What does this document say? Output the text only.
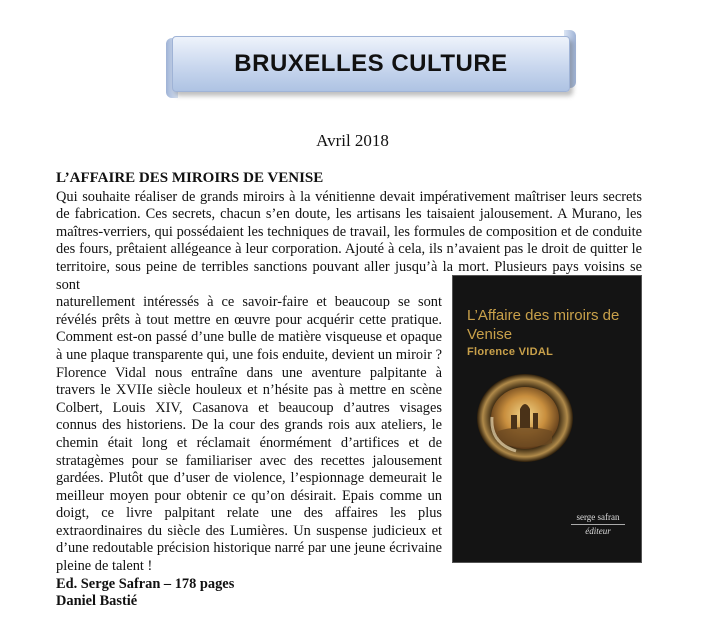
BRUXELLES CULTURE
Avril 2018

L’AFFAIRE DES MIROIRS DE VENISE

Qui souhaite réaliser de grands miroirs à la vénitienne devait impérativement maîtriser leurs secrets de fabrication. Ces secrets, chacun s’en doute, les artisans les taisaient jalousement. A Murano, les maîtres-verriers, qui possédaient les techniques de travail, les formules de composition et de conduite des fours, prêtaient allégeance à leur corporation. Ajouté à cela, ils n’avaient pas le droit de quitter le territoire, sous peine de terribles sanctions pouvant aller jusqu’à la mort. Plusieurs pays voisins se sont

naturellement intéressés à ce savoir-faire et beaucoup se sont révélés prêts à tout mettre en œuvre pour acquérir cette pratique. Comment est-on passé d’une bulle de matière visqueuse et opaque à une plaque transparente qui, une fois enduite, devient un miroir ? Florence Vidal nous entraîne dans une aventure palpitante à travers le XVIIe siècle houleux et n’hésite pas à mettre en scène Colbert, Louis XIV, Casanova et beaucoup d’autres visages connus des historiens. De la cour des grands rois aux ateliers, le chemin était long et réclamait énormément d’artifices et de stratagèmes pour se familiariser avec des recettes jalousement gardées. Plutôt que d’user de violence, l’espionnage demeurait le meilleur moyen pour obtenir ce qu’on désirait. Epais comme un doigt, ce livre palpitant relate une des affaires les plus extraordinaires du siècle des Lumières. Un suspense judicieux et d’une redoutable précision historique narré par une jeune écrivaine pleine de talent !

Ed. Serge Safran – 178 pages

Daniel Bastié

L’Affaire des miroirs de Venise
Florence VIDAL
serge safran
éditeur
